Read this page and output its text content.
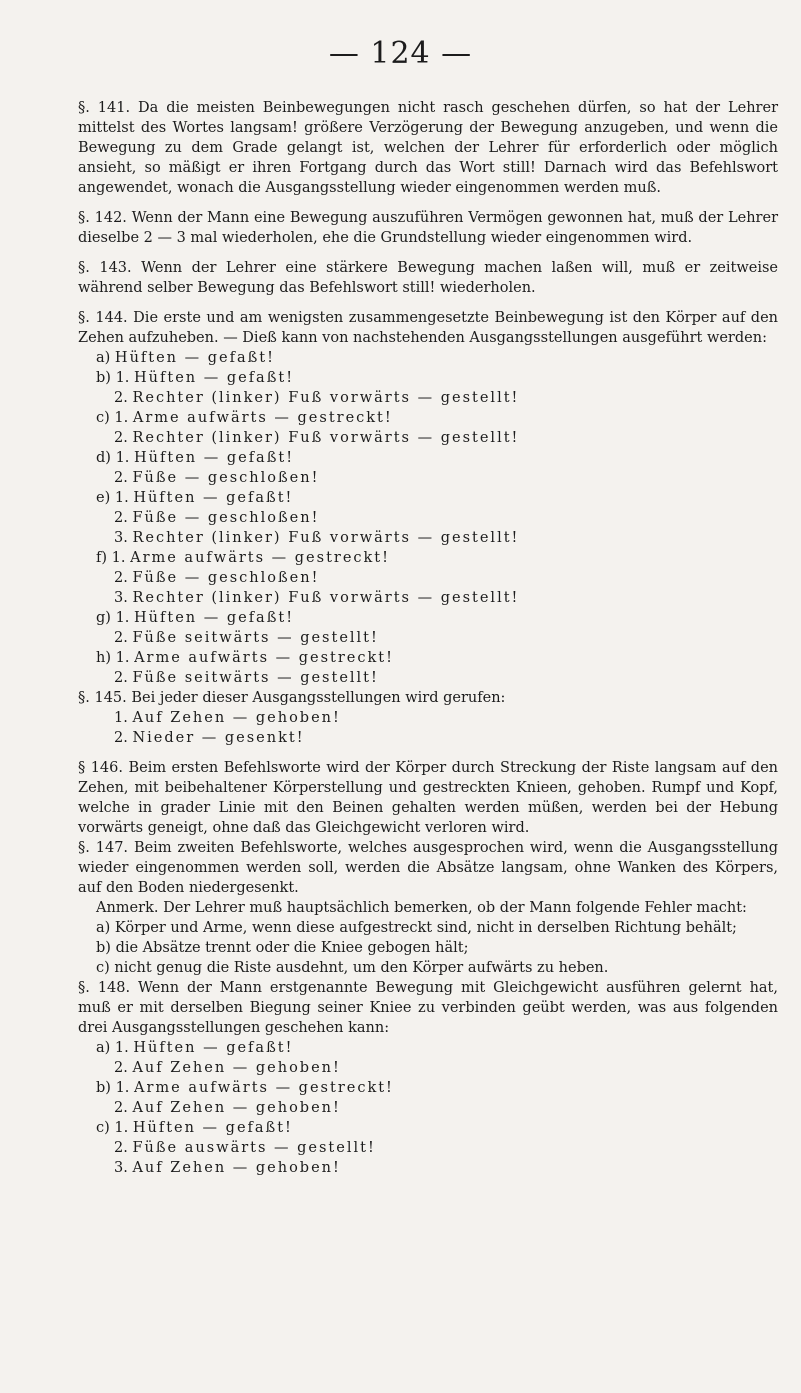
— 124 —

§. 141. Da die meisten Beinbewegungen nicht rasch geschehen dürfen, so hat der Lehrer mittelst des Wortes langsam! größere Verzögerung der Bewegung anzugeben, und wenn die Bewegung zu dem Grade gelangt ist, welchen der Lehrer für erforderlich oder möglich ansieht, so mäßigt er ihren Fortgang durch das Wort still! Darnach wird das Befehlswort angewendet, wonach die Ausgangsstellung wieder eingenommen werden muß.

§. 142. Wenn der Mann eine Bewegung auszuführen Vermögen gewonnen hat, muß der Lehrer dieselbe 2 — 3 mal wiederholen, ehe die Grundstellung wieder eingenommen wird.

§. 143. Wenn der Lehrer eine stärkere Bewegung machen laßen will, muß er zeitweise während selber Bewegung das Befehlswort still! wiederholen.

§. 144. Die erste und am wenigsten zusammengesetzte Beinbewegung ist den Körper auf den Zehen aufzuheben. — Dieß kann von nachstehenden Ausgangsstellungen ausgeführt werden:

a) Hüften — gefaßt!
b) 1. Hüften — gefaßt!
2. Rechter (linker) Fuß vorwärts — gestellt!
c) 1. Arme aufwärts — gestreckt!
2. Rechter (linker) Fuß vorwärts — gestellt!
d) 1. Hüften — gefaßt!
2. Füße — geschloßen!
e) 1. Hüften — gefaßt!
2. Füße — geschloßen!
3. Rechter (linker) Fuß vorwärts — gestellt!
f) 1. Arme aufwärts — gestreckt!
2. Füße — geschloßen!
3. Rechter (linker) Fuß vorwärts — gestellt!
g) 1. Hüften — gefaßt!
2. Füße seitwärts — gestellt!
h) 1. Arme aufwärts — gestreckt!
2. Füße seitwärts — gestellt!

§. 145. Bei jeder dieser Ausgangsstellungen wird gerufen:

1. Auf Zehen — gehoben!
2. Nieder — gesenkt!

§ 146. Beim ersten Befehlsworte wird der Körper durch Streckung der Riste langsam auf den Zehen, mit beibehaltener Körperstellung und gestreckten Knieen, gehoben. Rumpf und Kopf, welche in grader Linie mit den Beinen gehalten werden müßen, werden bei der Hebung vorwärts geneigt, ohne daß das Gleichgewicht verloren wird.

§. 147. Beim zweiten Befehlsworte, welches ausgesprochen wird, wenn die Ausgangsstellung wieder eingenommen werden soll, werden die Absätze langsam, ohne Wanken des Körpers, auf den Boden niedergesenkt.

Anmerk. Der Lehrer muß hauptsächlich bemerken, ob der Mann folgende Fehler macht:

a) Körper und Arme, wenn diese aufgestreckt sind, nicht in derselben Richtung behält;
b) die Absätze trennt oder die Kniee gebogen hält;
c) nicht genug die Riste ausdehnt, um den Körper aufwärts zu heben.

§. 148. Wenn der Mann erstgenannte Bewegung mit Gleichgewicht ausführen gelernt hat, muß er mit derselben Biegung seiner Kniee zu verbinden geübt werden, was aus folgenden drei Ausgangsstellungen geschehen kann:

a) 1. Hüften — gefaßt!
2. Auf Zehen — gehoben!
b) 1. Arme aufwärts — gestreckt!
2. Auf Zehen — gehoben!
c) 1. Hüften — gefaßt!
2. Füße auswärts — gestellt!
3. Auf Zehen — gehoben!
